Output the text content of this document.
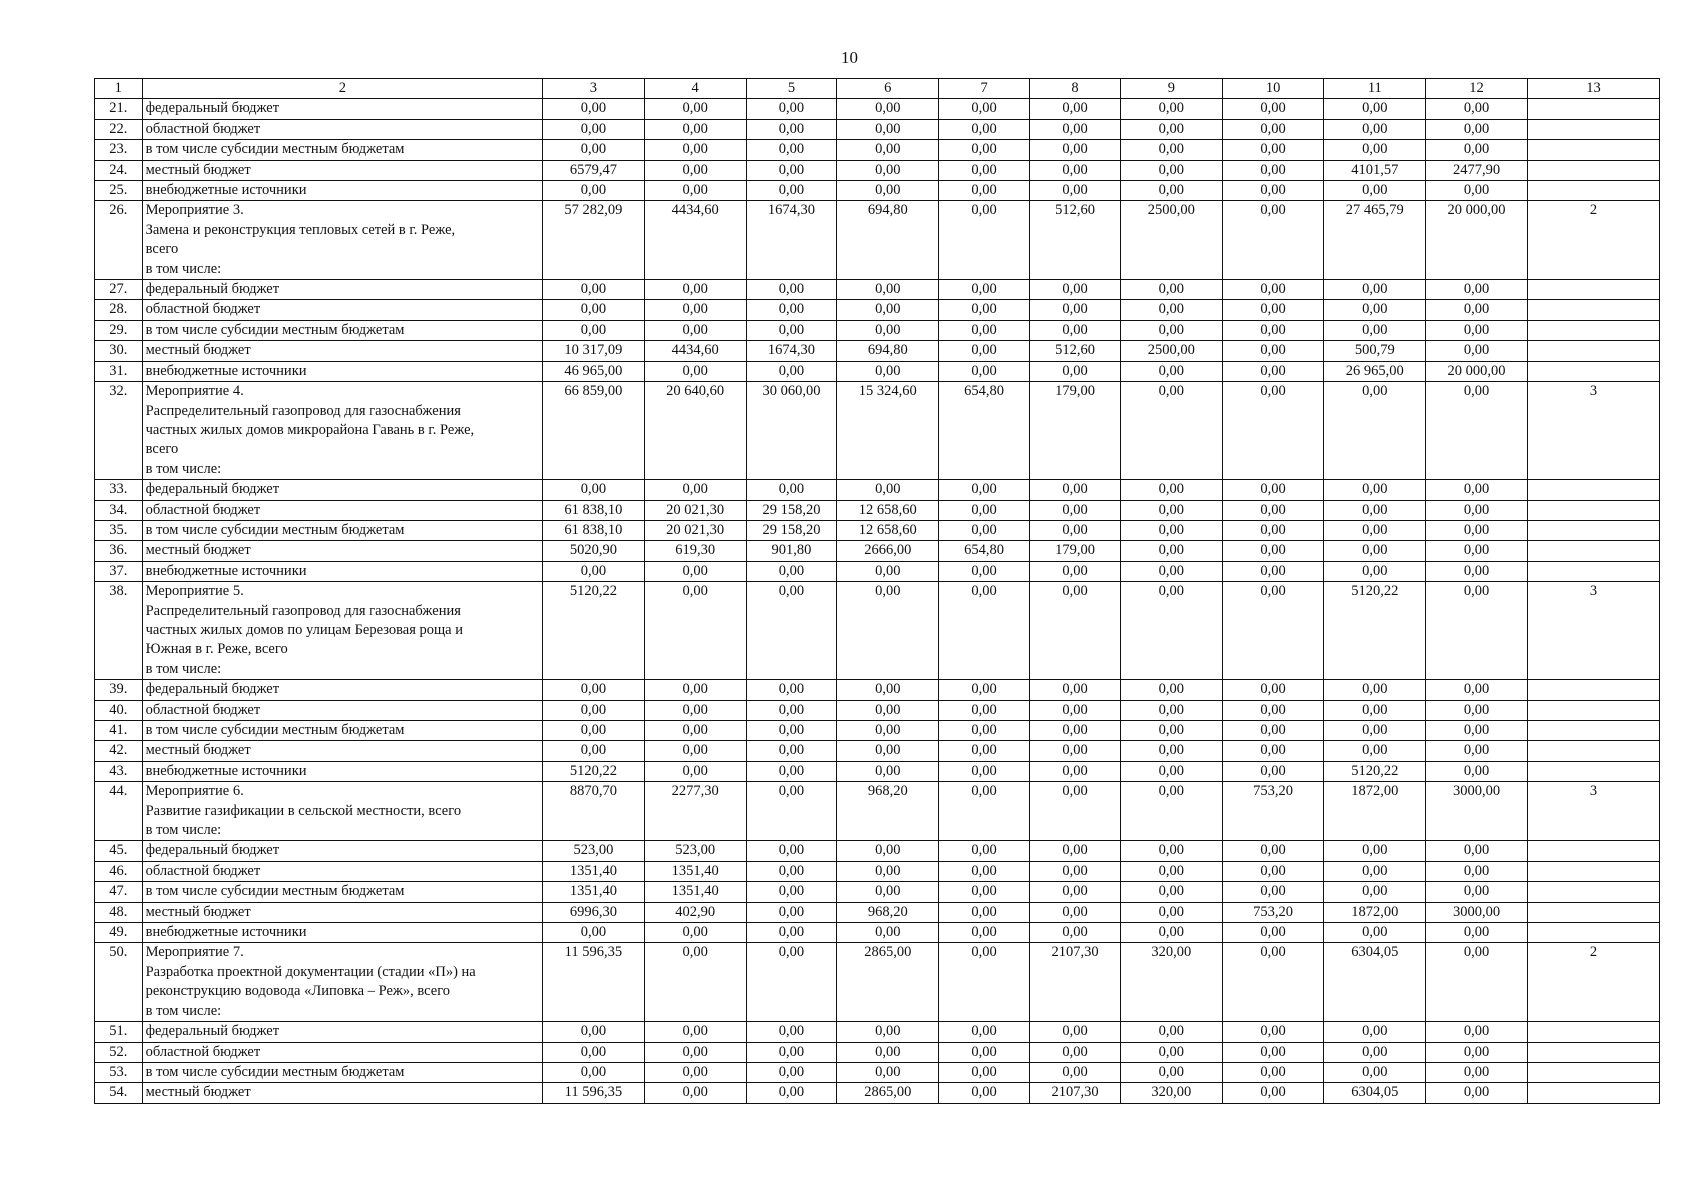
10
1	2	3	4	5	6	7	8	9	10	11	12	13
21.	федеральный бюджет	0,00	0,00	0,00	0,00	0,00	0,00	0,00	0,00	0,00	0,00	
22.	областной бюджет	0,00	0,00	0,00	0,00	0,00	0,00	0,00	0,00	0,00	0,00	
23.	в том числе субсидии местным бюджетам	0,00	0,00	0,00	0,00	0,00	0,00	0,00	0,00	0,00	0,00	
24.	местный бюджет	6579,47	0,00	0,00	0,00	0,00	0,00	0,00	0,00	4101,57	2477,90	
25.	внебюджетные источники	0,00	0,00	0,00	0,00	0,00	0,00	0,00	0,00	0,00	0,00	
26.	Мероприятие 3.
Замена и реконструкция тепловых сетей в г. Реже,
всего
в том числе:	57 282,09	4434,60	1674,30	694,80	0,00	512,60	2500,00	0,00	27 465,79	20 000,00	2
27.	федеральный бюджет	0,00	0,00	0,00	0,00	0,00	0,00	0,00	0,00	0,00	0,00	
28.	областной бюджет	0,00	0,00	0,00	0,00	0,00	0,00	0,00	0,00	0,00	0,00	
29.	в том числе субсидии местным бюджетам	0,00	0,00	0,00	0,00	0,00	0,00	0,00	0,00	0,00	0,00	
30.	местный бюджет	10 317,09	4434,60	1674,30	694,80	0,00	512,60	2500,00	0,00	500,79	0,00	
31.	внебюджетные источники	46 965,00	0,00	0,00	0,00	0,00	0,00	0,00	0,00	26 965,00	20 000,00	
32.	Мероприятие 4.
Распределительный газопровод для газоснабжения
частных жилых домов микрорайона Гавань в г. Реже,
всего
в том числе:	66 859,00	20 640,60	30 060,00	15 324,60	654,80	179,00	0,00	0,00	0,00	0,00	3
33.	федеральный бюджет	0,00	0,00	0,00	0,00	0,00	0,00	0,00	0,00	0,00	0,00	
34.	областной бюджет	61 838,10	20 021,30	29 158,20	12 658,60	0,00	0,00	0,00	0,00	0,00	0,00	
35.	в том числе субсидии местным бюджетам	61 838,10	20 021,30	29 158,20	12 658,60	0,00	0,00	0,00	0,00	0,00	0,00	
36.	местный бюджет	5020,90	619,30	901,80	2666,00	654,80	179,00	0,00	0,00	0,00	0,00	
37.	внебюджетные источники	0,00	0,00	0,00	0,00	0,00	0,00	0,00	0,00	0,00	0,00	
38.	Мероприятие 5.
Распределительный газопровод для газоснабжения
частных жилых домов по улицам Березовая роща и
Южная в г. Реже, всего
в том числе:	5120,22	0,00	0,00	0,00	0,00	0,00	0,00	0,00	5120,22	0,00	3
39.	федеральный бюджет	0,00	0,00	0,00	0,00	0,00	0,00	0,00	0,00	0,00	0,00	
40.	областной бюджет	0,00	0,00	0,00	0,00	0,00	0,00	0,00	0,00	0,00	0,00	
41.	в том числе субсидии местным бюджетам	0,00	0,00	0,00	0,00	0,00	0,00	0,00	0,00	0,00	0,00	
42.	местный бюджет	0,00	0,00	0,00	0,00	0,00	0,00	0,00	0,00	0,00	0,00	
43.	внебюджетные источники	5120,22	0,00	0,00	0,00	0,00	0,00	0,00	0,00	5120,22	0,00	
44.	Мероприятие 6.
Развитие газификации в сельской местности, всего
в том числе:	8870,70	2277,30	0,00	968,20	0,00	0,00	0,00	753,20	1872,00	3000,00	3
45.	федеральный бюджет	523,00	523,00	0,00	0,00	0,00	0,00	0,00	0,00	0,00	0,00	
46.	областной бюджет	1351,40	1351,40	0,00	0,00	0,00	0,00	0,00	0,00	0,00	0,00	
47.	в том числе субсидии местным бюджетам	1351,40	1351,40	0,00	0,00	0,00	0,00	0,00	0,00	0,00	0,00	
48.	местный бюджет	6996,30	402,90	0,00	968,20	0,00	0,00	0,00	753,20	1872,00	3000,00	
49.	внебюджетные источники	0,00	0,00	0,00	0,00	0,00	0,00	0,00	0,00	0,00	0,00	
50.	Мероприятие 7.
Разработка проектной документации (стадии «П») на
реконструкцию водовода «Липовка – Реж», всего
в том числе:	11 596,35	0,00	0,00	2865,00	0,00	2107,30	320,00	0,00	6304,05	0,00	2
51.	федеральный бюджет	0,00	0,00	0,00	0,00	0,00	0,00	0,00	0,00	0,00	0,00	
52.	областной бюджет	0,00	0,00	0,00	0,00	0,00	0,00	0,00	0,00	0,00	0,00	
53.	в том числе субсидии местным бюджетам	0,00	0,00	0,00	0,00	0,00	0,00	0,00	0,00	0,00	0,00	
54.	местный бюджет	11 596,35	0,00	0,00	2865,00	0,00	2107,30	320,00	0,00	6304,05	0,00	
